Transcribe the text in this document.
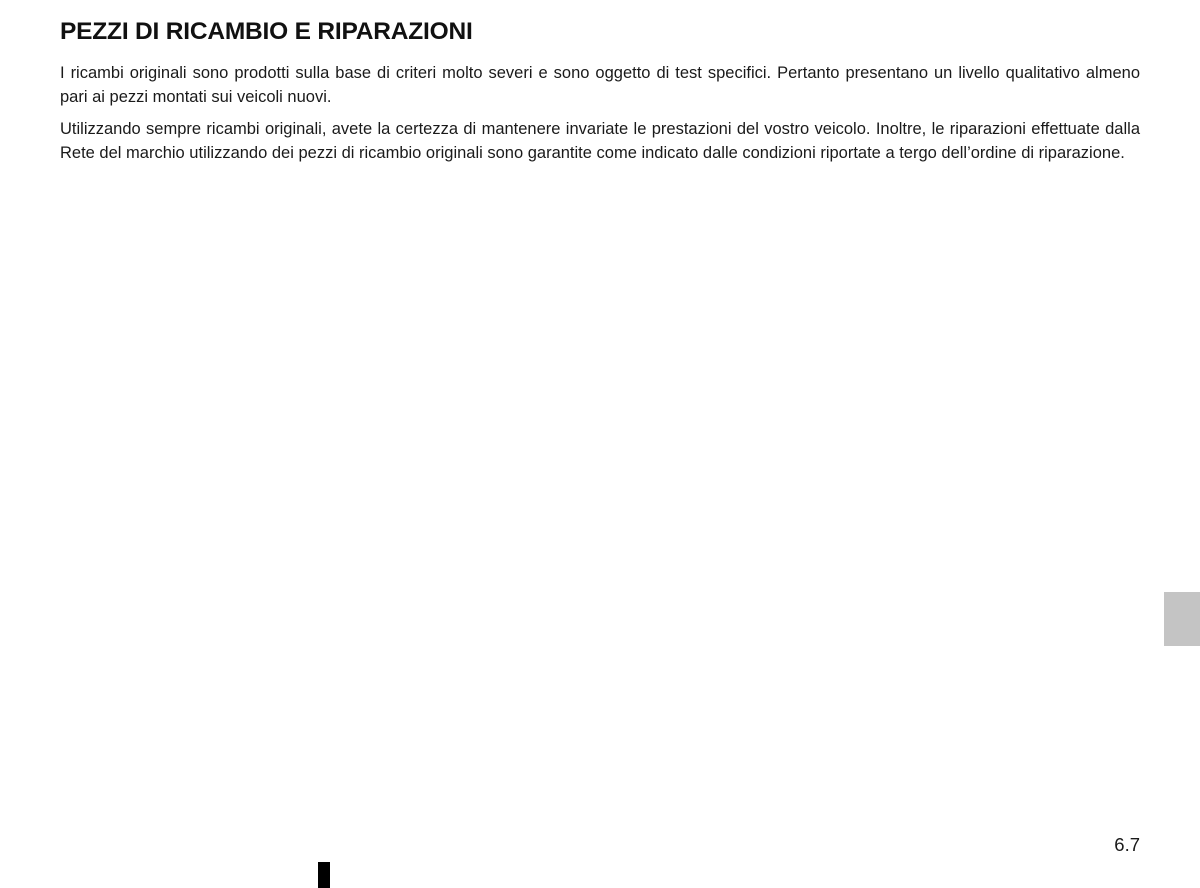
PEZZI DI RICAMBIO E RIPARAZIONI

I ricambi originali sono prodotti sulla base di criteri molto severi e sono oggetto di test specifici. Pertanto presentano un livello qualitativo almeno pari ai pezzi montati sui veicoli nuovi.

Utilizzando sempre ricambi originali, avete la certezza di mantenere invariate le prestazioni del vostro veicolo. Inoltre, le riparazioni effettuate dalla Rete del marchio utilizzando dei pezzi di ricambio originali sono garantite come indicato dalle condizioni riportate a tergo dell’ordine di riparazione.

6.7
